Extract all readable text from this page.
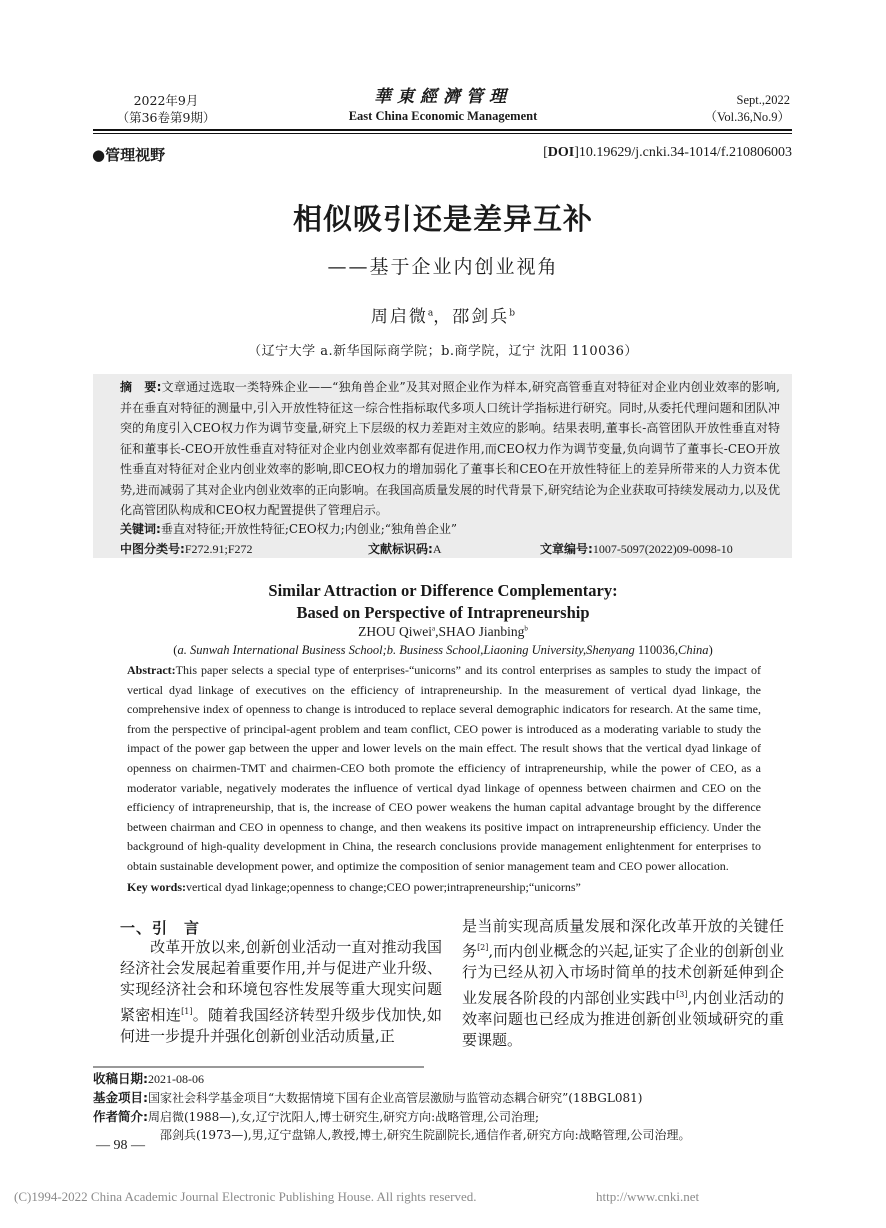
2022年9月
（第36卷第9期）
華東經濟管理
East China Economic Management
Sept.,2022
（Vol.36,No.9）
●管理视野	[DOI]10.19629/j.cnki.34-1014/f.210806003
相似吸引还是差异互补
——基于企业内创业视角
周启微$^a$，邵剑兵$^b$
（辽宁大学 a.新华国际商学院；b.商学院，辽宁 沈阳 110036）
摘　要:文章通过选取一类特殊企业——“独角兽企业”及其对照企业作为样本,研究高管垂直对特征对企业内创业效率的影响,并在垂直对特征的测量中,引入开放性特征这一综合性指标取代多项人口统计学指标进行研究。同时,从委托代理问题和团队冲突的角度引入CEO权力作为调节变量,研究上下层级的权力差距对主效应的影响。结果表明,董事长-高管团队开放性垂直对特征和董事长-CEO开放性垂直对特征对企业内创业效率都有促进作用,而CEO权力作为调节变量,负向调节了董事长-CEO开放性垂直对特征对企业内创业效率的影响,即CEO权力的增加弱化了董事长和CEO在开放性特征上的差异所带来的人力资本优势,进而减弱了其对企业内创业效率的正向影响。在我国高质量发展的时代背景下,研究结论为企业获取可持续发展动力,以及优化高管团队构成和CEO权力配置提供了管理启示。
关键词:垂直对特征;开放性特征;CEO权力;内创业;“独角兽企业”
中图分类号:F272.91;F272	文献标识码:A	文章编号:1007-5097(2022)09-0098-10
Similar Attraction or Difference Complementary:
Based on Perspective of Intrapreneurship
ZHOU Qiwei$^a$,SHAO Jianbing$^b$
(a. Sunwah International Business School;b. Business School,Liaoning University,Shenyang 110036,China)
Abstract:This paper selects a special type of enterprises-“unicorns” and its control enterprises as samples to study the impact of vertical dyad linkage of executives on the efficiency of intrapreneurship. In the measurement of vertical dyad linkage, the comprehensive index of openness to change is introduced to replace several demographic indicators for research. At the same time, from the perspective of principal-agent problem and team conflict, CEO power is introduced as a moderating variable to study the impact of the power gap between the upper and lower levels on the main effect. The result shows that the vertical dyad linkage of openness on chairmen-TMT and chairmen-CEO both promote the efficiency of intrapreneurship, while the power of CEO, as a moderator variable, negatively moderates the influence of vertical dyad linkage of openness between chairmen and CEO on the efficiency of intrapreneurship, that is, the increase of CEO power weakens the human capital advantage brought by the difference between chairman and CEO in openness to change, and then weakens its positive impact on intrapreneurship efficiency. Under the background of high-quality development in China, the research conclusions provide management enlightenment for enterprises to obtain sustainable development power, and optimize the composition of senior management team and CEO power allocation.
Key words:vertical dyad linkage;openness to change;CEO power;intrapreneurship;“unicorns”
一、引　言
改革开放以来,创新创业活动一直对推动我国经济社会发展起着重要作用,并与促进产业升级、实现经济社会和环境包容性发展等重大现实问题紧密相连[1]。随着我国经济转型升级步伐加快,如何进一步提升并强化创新创业活动质量,正
是当前实现高质量发展和深化改革开放的关键任务[2],而内创业概念的兴起,证实了企业的创新创业行为已经从初入市场时简单的技术创新延伸到企业发展各阶段的内部创业实践中[3],内创业活动的效率问题也已经成为推进创新创业领域研究的重要课题。
收稿日期:2021-08-06
基金项目:国家社会科学基金项目“大数据情境下国有企业高管层激励与监管动态耦合研究”(18BGL081)
作者简介:周启微(1988—),女,辽宁沈阳人,博士研究生,研究方向:战略管理,公司治理;
邵剑兵(1973—),男,辽宁盘锦人,教授,博士,研究生院副院长,通信作者,研究方向:战略管理,公司治理。
— 98 —
(C)1994-2022 China Academic Journal Electronic Publishing House. All rights reserved.	http://www.cnki.net
